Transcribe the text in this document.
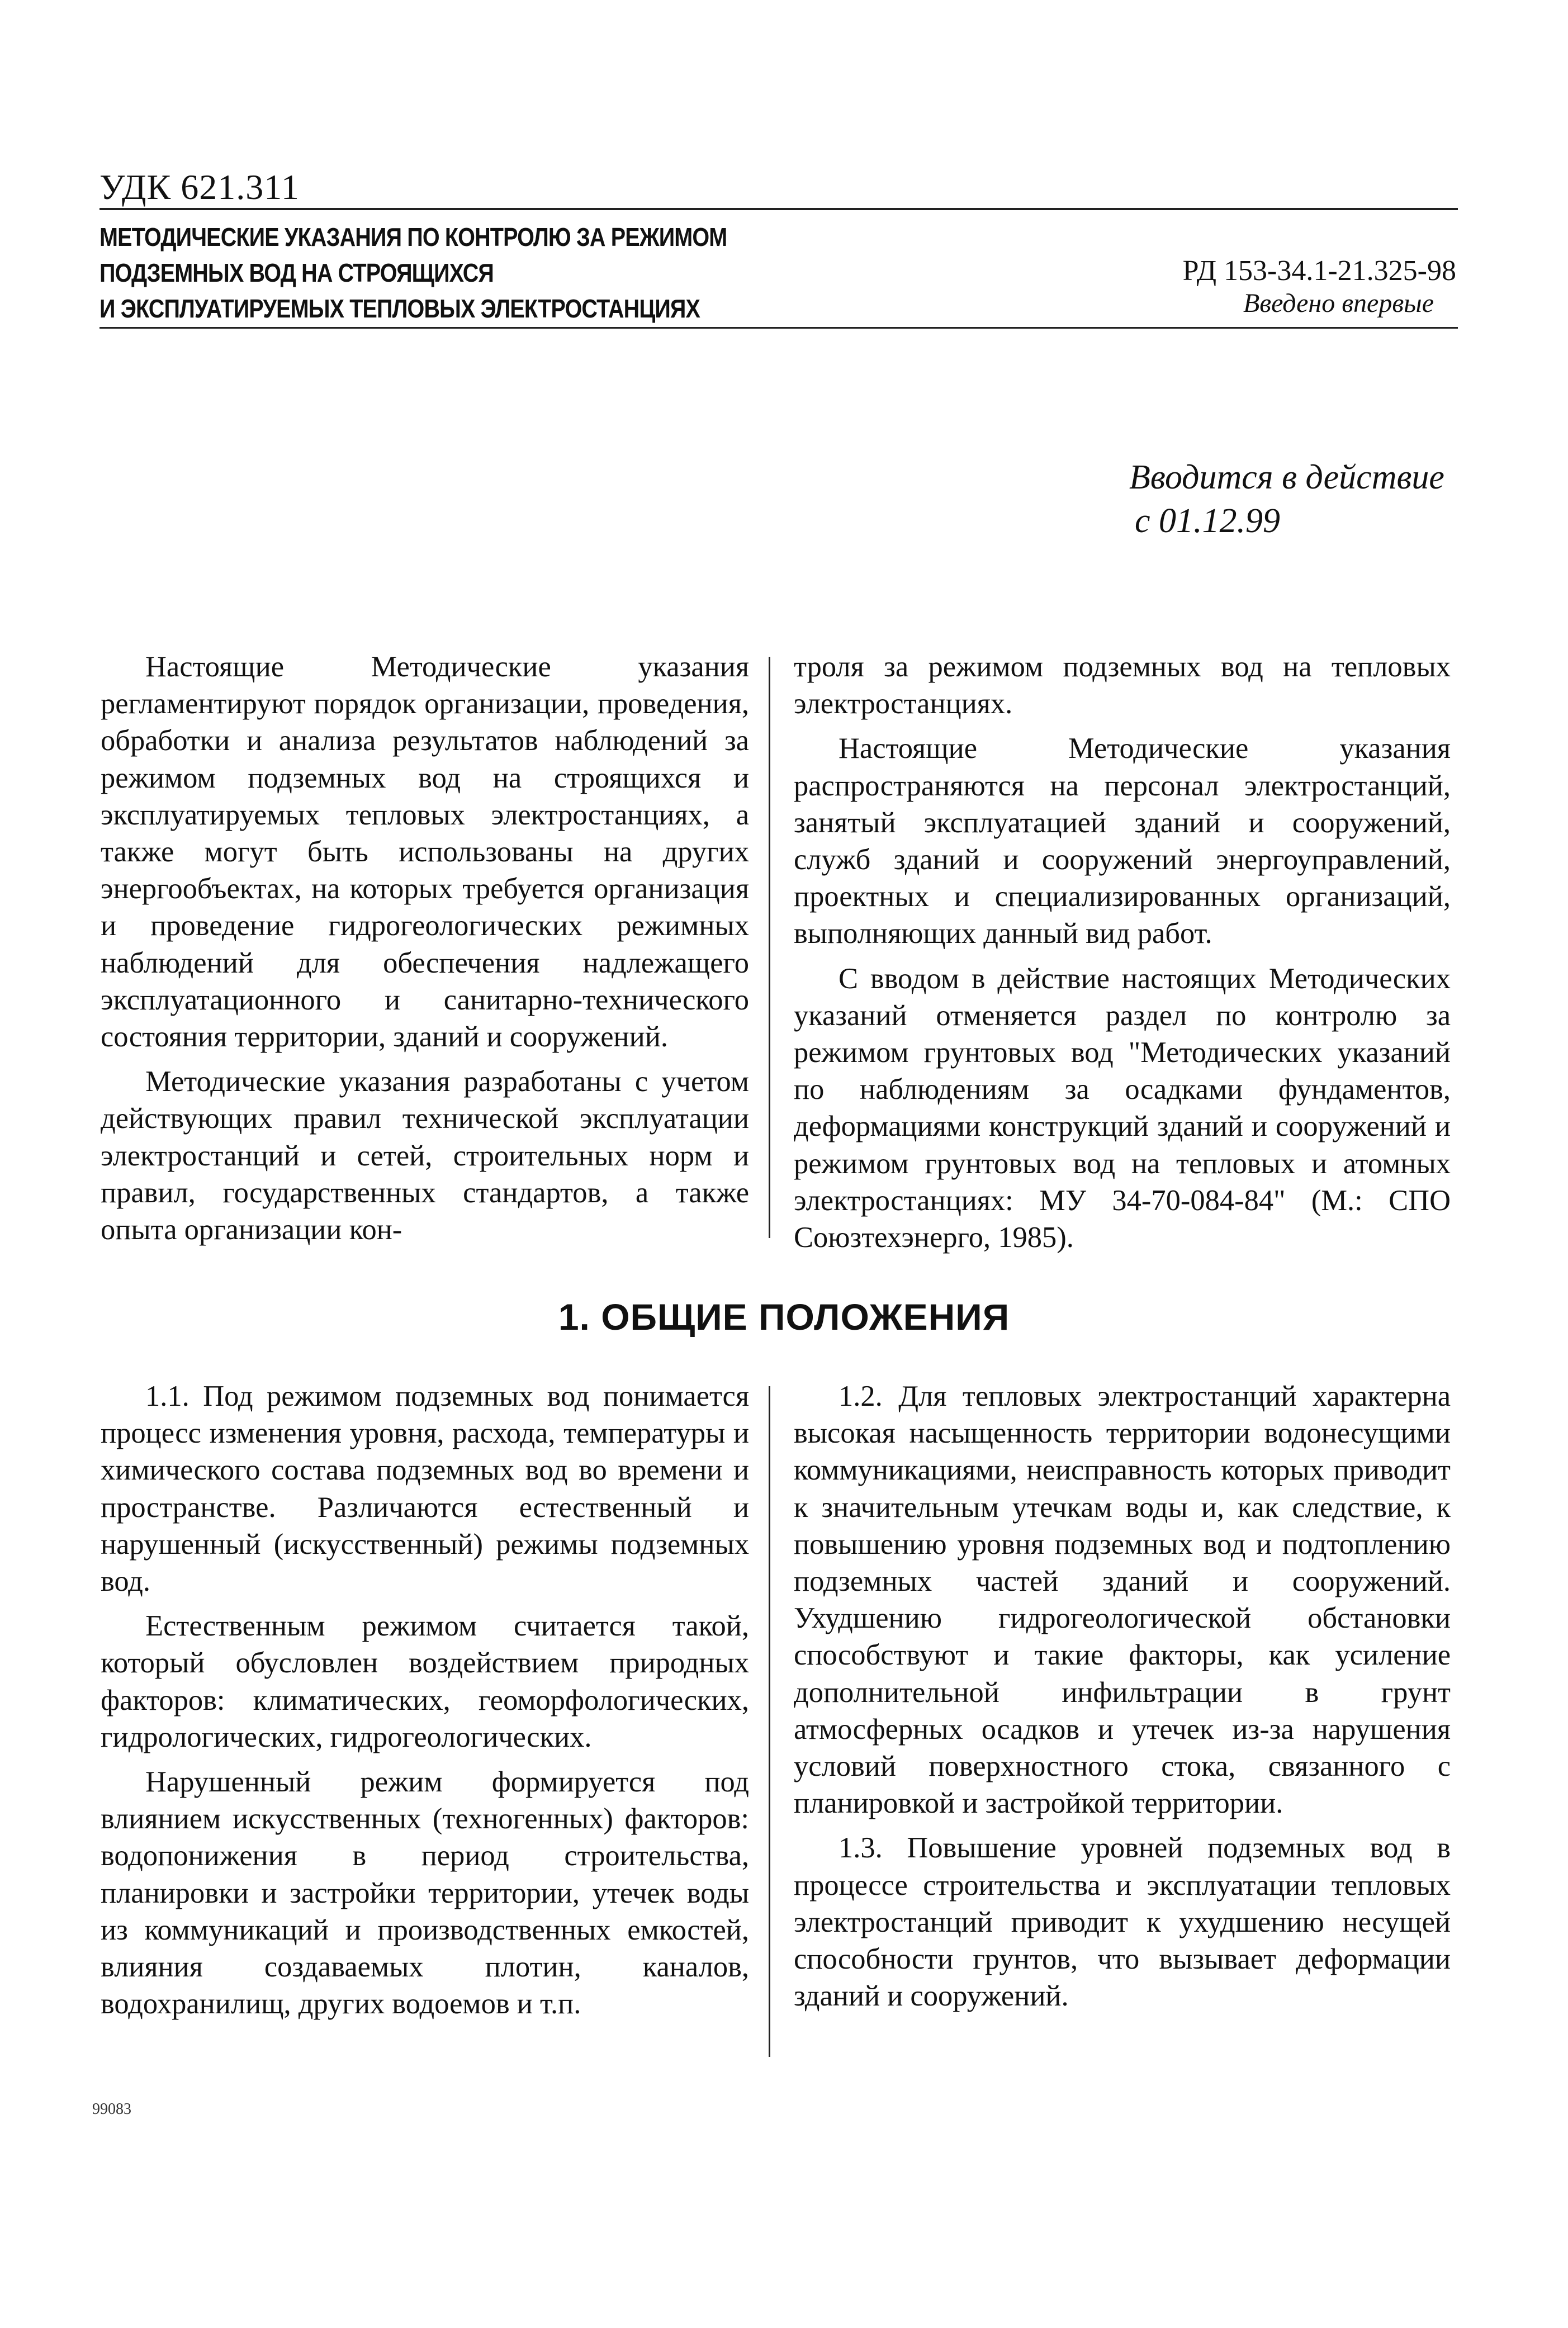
УДК 621.311
МЕТОДИЧЕСКИЕ УКАЗАНИЯ ПО КОНТРОЛЮ ЗА РЕЖИМОМ
ПОДЗЕМНЫХ ВОД НА СТРОЯЩИХСЯ
И ЭКСПЛУАТИРУЕМЫХ ТЕПЛОВЫХ ЭЛЕКТРОСТАНЦИЯХ
РД 153-34.1-21.325-98
Введено впервые
Вводится в действие
с 01.12.99

Настоящие Методические указания регламентируют порядок организации, проведения, обработки и анализа результатов наблюдений за режимом подземных вод на строящихся и эксплуатируемых тепловых электростанциях, а также могут быть использованы на других энергообъектах, на которых требуется организация и проведение гидрогеологических режимных наблюдений для обеспечения надлежащего эксплуатационного и санитарно-технического состояния территории, зданий и сооружений.

Методические указания разработаны с учетом действующих правил технической эксплуатации электростанций и сетей, строительных норм и правил, государственных стандартов, а также опыта организации кон-

троля за режимом подземных вод на тепловых электростанциях.

Настоящие Методические указания распространяются на персонал электростанций, занятый эксплуатацией зданий и сооружений, служб зданий и сооружений энергоуправлений, проектных и специализированных организаций, выполняющих данный вид работ.

С вводом в действие настоящих Методических указаний отменяется раздел по контролю за режимом грунтовых вод "Методических указаний по наблюдениям за осадками фундаментов, деформациями конструкций зданий и сооружений и режимом грунтовых вод на тепловых и атомных электростанциях: МУ 34-70-084-84" (М.: СПО Союзтехэнерго, 1985).

1. ОБЩИЕ ПОЛОЖЕНИЯ

1.1. Под режимом подземных вод понимается процесс изменения уровня, расхода, температуры и химического состава подземных вод во времени и пространстве. Различаются естественный и нарушенный (искусственный) режимы подземных вод.

Естественным режимом считается такой, который обусловлен воздействием природных факторов: климатических, геоморфологических, гидрологических, гидрогеологических.

Нарушенный режим формируется под влиянием искусственных (техногенных) факторов: водопонижения в период строительства, планировки и застройки территории, утечек воды из коммуникаций и производственных емкостей, влияния создаваемых плотин, каналов, водохранилищ, других водоемов и т.п.

1.2. Для тепловых электростанций характерна высокая насыщенность территории водонесущими коммуникациями, неисправность которых приводит к значительным утечкам воды и, как следствие, к повышению уровня подземных вод и подтоплению подземных частей зданий и сооружений. Ухудшению гидрогеологической обстановки способствуют и такие факторы, как усиление дополнительной инфильтрации в грунт атмосферных осадков и утечек из-за нарушения условий поверхностного стока, связанного с планировкой и застройкой территории.

1.3. Повышение уровней подземных вод в процессе строительства и эксплуатации тепловых электростанций приводит к ухудшению несущей способности грунтов, что вызывает деформации зданий и сооружений.

99083
